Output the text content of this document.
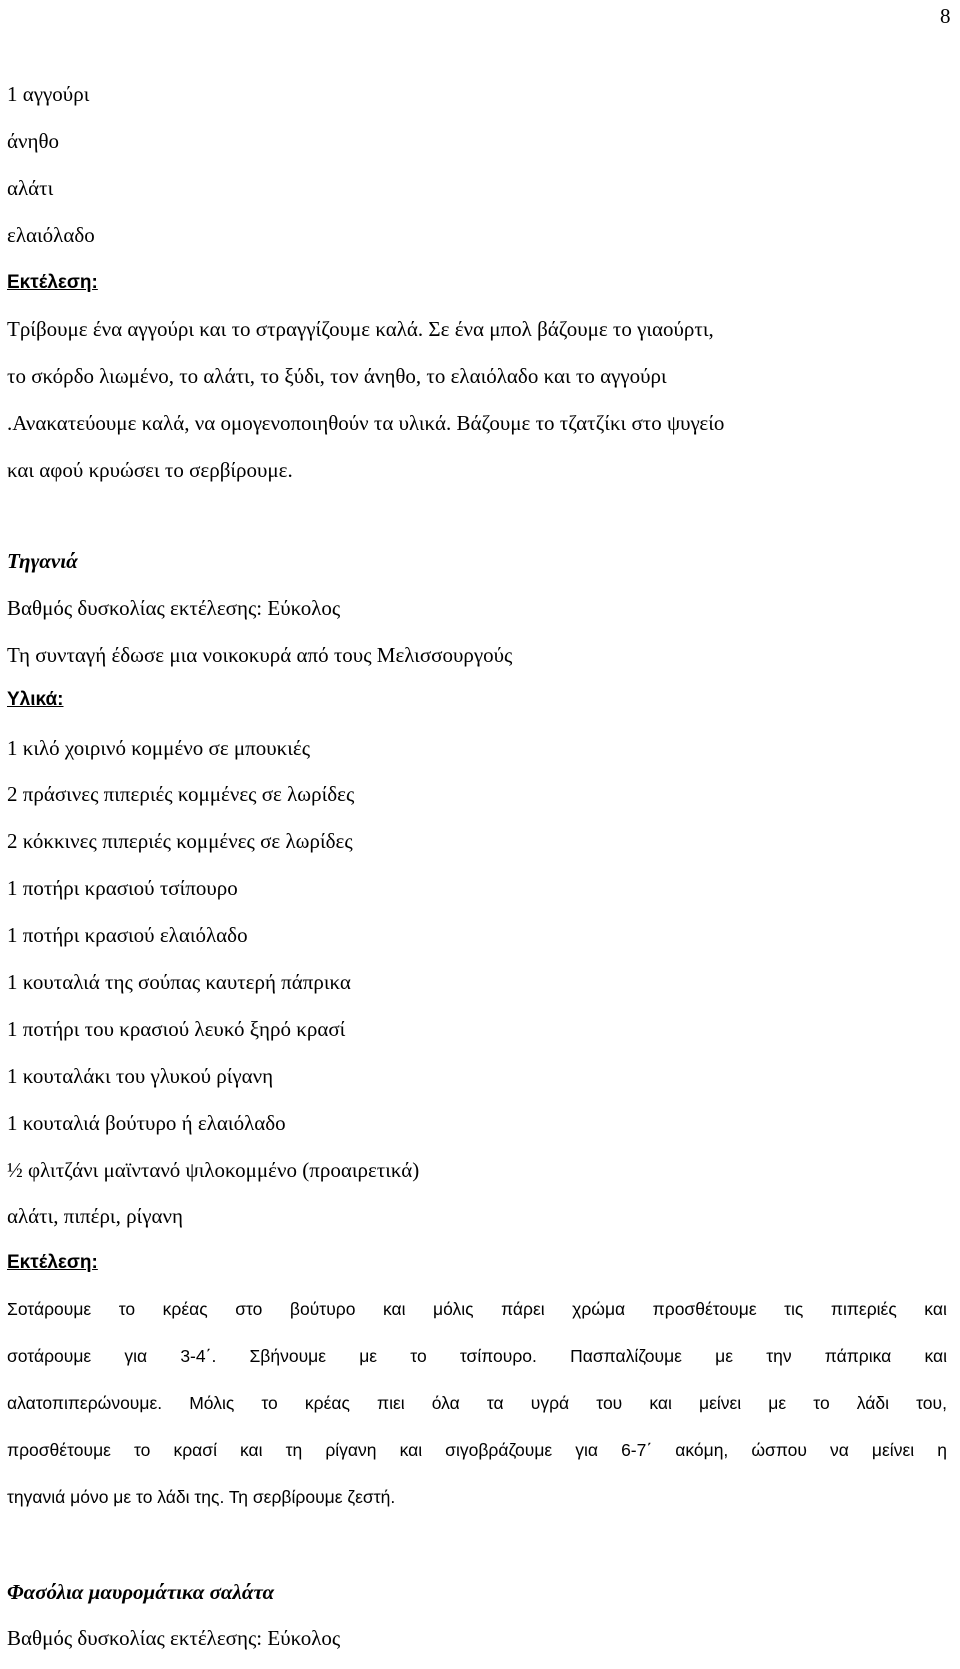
8
1 αγγούρι
άνηθο
αλάτι
ελαιόλαδο
Εκτέλεση:
Τρίβουμε ένα αγγούρι και το στραγγίζουμε καλά. Σε ένα μπολ βάζουμε το γιαούρτι,
το σκόρδο λιωμένο, το αλάτι, το ξύδι, τον άνηθο, το ελαιόλαδο και το αγγούρι
.Ανακατεύουμε καλά, να ομογενοποιηθούν τα υλικά. Βάζουμε το τζατζίκι στο ψυγείο
και αφού κρυώσει το σερβίρουμε.
Τηγανιά
Βαθμός δυσκολίας εκτέλεσης: Εύκολος
Τη συνταγή έδωσε μια νοικοκυρά από τους Μελισσουργούς
Υλικά:
1 κιλό χοιρινό κομμένο σε μπουκιές
2 πράσινες πιπεριές κομμένες σε λωρίδες
2 κόκκινες πιπεριές κομμένες σε λωρίδες
1 ποτήρι κρασιού τσίπουρο
1 ποτήρι κρασιού ελαιόλαδο
1 κουταλιά της σούπας καυτερή πάπρικα
1 ποτήρι του κρασιού λευκό ξηρό κρασί
1 κουταλάκι του γλυκού ρίγανη
1 κουταλιά βούτυρο ή ελαιόλαδο
½ φλιτζάνι μαϊντανό ψιλοκομμένο (προαιρετικά)
αλάτι, πιπέρι, ρίγανη
Εκτέλεση:
Σοτάρουμε το κρέας στο βούτυρο και μόλις πάρει χρώμα προσθέτουμε τις πιπεριές και
σοτάρουμε για 3-4΄. Σβήνουμε με το τσίπουρο. Πασπαλίζουμε με την πάπρικα και
αλατοπιπερώνουμε. Μόλις το κρέας πιει όλα τα υγρά του και μείνει με το λάδι του,
προσθέτουμε το κρασί και τη ρίγανη και σιγοβράζουμε για 6-7΄ ακόμη, ώσπου να μείνει η
τηγανιά μόνο με το λάδι της. Τη σερβίρουμε ζεστή.
Φασόλια μαυρομάτικα σαλάτα
Βαθμός δυσκολίας εκτέλεσης: Εύκολος
